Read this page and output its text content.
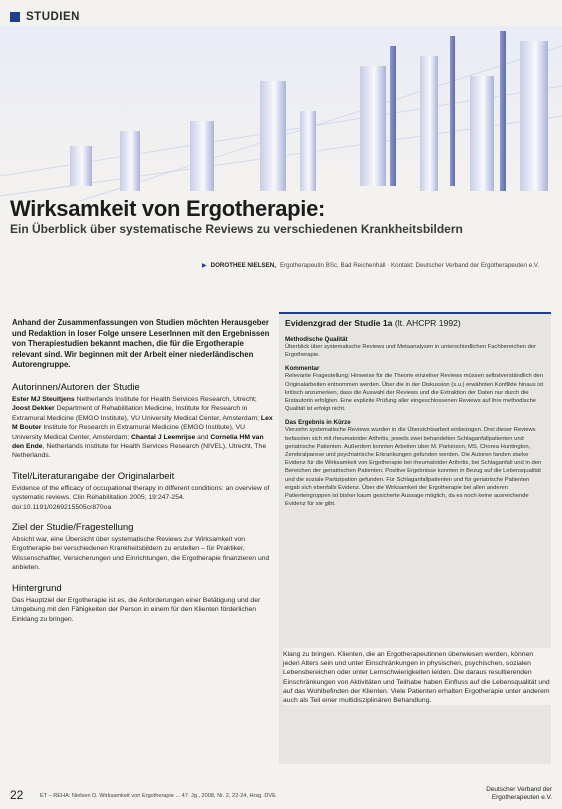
STUDIEN
Wirksamkeit von Ergotherapie:
Ein Überblick über systematische Reviews zu verschiedenen Krankheitsbildern
▶ DOROTHEE NIELSEN, Ergotherapeutin BSc, Bad Reichenhall · Kontakt: Deutscher Verband der Ergotherapeuten e.V.

Anhand der Zusammenfassungen von Studien möchten Herausgeber und Redaktion in loser Folge unsere LeserInnen mit den Ergebnissen von Therapiestudien bekannt machen, die für die Ergotherapie relevant sind. Wir beginnen mit der Arbeit einer niederländischen Autorengruppe.

Autorinnen/Autoren der Studie

Ester MJ Steultjens Netherlands Institute for Health Services Research, Utrecht; Joost Dekker Department of Rehabilitation Medicine, Institute for Research in Extramural Medicine (EMGO Institute), VU University Medical Center, Amsterdam; Lex M Bouter Institute for Research in Extramural Medicine (EMGO Institute), VU University Medical Center, Amsterdam; Chantal J Leemrijse and Cornelia HM van den Ende, Netherlands Institute for Health Services Research (NIVEL), Utrecht, The Netherlands.

Titel/Literaturangabe der Originalarbeit

Evidence of the efficacy of occupational therapy in different conditions: an overview of systematic reviews. Clin Rehabilitation 2005; 19:247-254. doi:10.1191/0269215505cr870oa

Ziel der Studie/Fragestellung

Absicht war, eine Übersicht über systematische Reviews zur Wirksamkeit von Ergotherapie bei verschiedenen Krankheitsbildern zu erstellen – für Praktiker, Wissenschaftler, Versicherungen und Einrichtungen, die Ergotherapie finanzieren und anbieten.

Hintergrund

Das Hauptziel der Ergotherapie ist es, die Anforderungen einer Betätigung und der Umgebung mit den Fähigkeiten der Person in einem für den Klienten förderlichen Einklang zu bringen.

Evidenzgrad der Studie 1a (lt. AHCPR 1992)
Methodische Qualität
Überblick über systematische Reviews und Metaanalysen in unterschiedlichen Fachbereichen der Ergotherapie.
Kommentar
Relevante Fragestellung; Hinweise für die Theorie einzelner Reviews müssen selbstverständlich den Originalarbeiten entnommen werden. Über die in der Diskussion (s.u.) erwähnten Konflikte hinaus ist kritisch anzumerken, dass die Auswahl der Reviews und die Extraktion der Daten nur durch die Erstautorin erfolgten. Eine explizite Prüfung aller eingeschlossenen Reviews auf ihre methodische Qualität ist erfolgt nicht.
Das Ergebnis in Kürze
Vierzehn systematische Reviews wurden in die Übersichtsarbeit einbezogen. Drei dieser Reviews befassten sich mit rheumatoider Arthritis, jeweils zwei behandelten Schlaganfallpatienten und geriatrische Patienten. Außerdem konnten Arbeiten über M. Parkinson, MS, Chorea Huntington, Zerebralparese und psychiatrische Erkrankungen gefunden werden. Die Autoren fanden starke Evidenz für die Wirksamkeit von Ergotherapie bei rheumatoider Arthritis, bei Schlaganfall und in den Bereichen der geriatrischen Patienten. Positive Ergebnisse konnten in Bezug auf die Lebensqualität und die soziale Partizipation gefunden. Für Schlaganfallpatienten und für geriatrische Patienten ergab sich ebenfalls Evidenz. Über die Wirksamkeit der Ergotherapie bei allen anderen Patientengruppen ist bisher kaum gesicherte Aussage möglich, da es noch keine ausreichende Evidenz für sie gibt.

Klang zu bringen. Klienten, die an Ergotherapeutinnen überwiesen werden, können jeden Alters sein und unter Einschränkungen in physischen, psychischen, sozialen Lebensbereichen oder unter Lernschwierigkeiten leiden. Die daraus resultierenden Einschränkungen von Aktivitäten und Teilhabe haben Einfluss auf die Lebensqualität und auf das Wohlbefinden der Klienten. Viele Patienten erhalten Ergotherapie unter anderem auch als Teil einer multidisziplinären Behandlung.

22	ET – REHA: Nielsen D. Wirksamkeit von Ergotherapie ... 47. Jg., 2008, Nr. 2, 22-24, Hrsg. DVE
Deutscher Verband der
Ergotherapeuten e.V.
